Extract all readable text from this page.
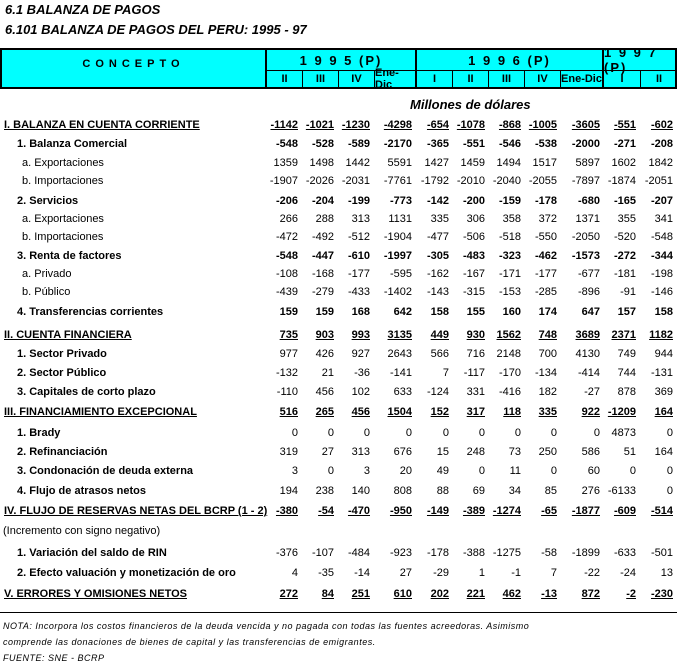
6.1 BALANZA DE PAGOS
6.101 BALANZA DE PAGOS DEL PERU: 1995 - 97
CONCEPTO	1 9 9 5 (P)	1 9 9 6 (P)	1 9 9 7 (P)
II	III	IV	Ene-Dic	I	II	III	IV	Ene-Dic	I	II
Millones de dólares
I. BALANZA EN CUENTA CORRIENTE	-1142 -1021 -1230	-4298	-654 -1078	-868 -1005	-3605	-551	-602
1. Balanza Comercial	-548	-528	-589	-2170	-365	-551	-546	-538	-2000	-271	-208
a. Exportaciones	1359	1498	1442	5591	1427	1459	1494	1517	5897	1602	1842
b. Importaciones	-1907 -2026 -2031	-7761 -1792 -2010 -2040 -2055	-7897 -1874 -2051
2. Servicios	-206	-204	-199	-773	-142	-200	-159	-178	-680	-165	-207
a. Exportaciones	266	288	313	1131	335	306	358	372	1371	355	341
b. Importaciones	-472	-492	-512	-1904	-477	-506	-518	-550	-2050	-520	-548
3. Renta de factores	-548	-447	-610	-1997	-305	-483	-323	-462	-1573	-272	-344
a. Privado	-108	-168	-177	-595	-162	-167	-171	-177	-677	-181	-198
b. Público	-439	-279	-433	-1402	-143	-315	-153	-285	-896	-91	-146
4. Transferencias corrientes	159	159	168	642	158	155	160	174	647	157	158
II. CUENTA FINANCIERA	735	903	993	3135	449	930	1562	748	3689	2371	1182
1. Sector Privado	977	426	927	2643	566	716	2148	700	4130	749	944
2. Sector Público	-132	21	-36	-141	7	-117	-170	-134	-414	744	-131
3. Capitales de corto plazo	-110	456	102	633	-124	331	-416	182	-27	878	369
III. FINANCIAMIENTO EXCEPCIONAL	516	265	456	1504	152	317	118	335	922 -1209	164
1. Brady	0	0	0	0	0	0	0	0	0	4873	0
2. Refinanciación	319	27	313	676	15	248	73	250	586	51	164
3. Condonación de deuda externa	3	0	3	20	49	0	11	0	60	0	0
4. Flujo de atrasos netos	194	238	140	808	88	69	34	85	276 -6133	0
IV. FLUJO DE RESERVAS NETAS DEL BCRP (1 - 2) -380	-54	-470	-950	-149	-389 -1274	-65	-1877	-609	-514
(Incremento con signo negativo)
1. Variación del saldo de RIN	-376	-107	-484	-923	-178	-388 -1275	-58	-1899	-633	-501
2. Efecto valuación y monetización de oro	4	-35	-14	27	-29	1	-1	7	-22	-24	13
V. ERRORES Y OMISIONES NETOS	272	84	251	610	202	221	462	-13	872	-2	-230
NOTA: Incorpora los costos financieros de la deuda vencida y no pagada con todas las fuentes acreedoras. Asimismo
comprende las donaciones de bienes de capital y las transferencias de emigrantes.
FUENTE: SNE - BCRP
